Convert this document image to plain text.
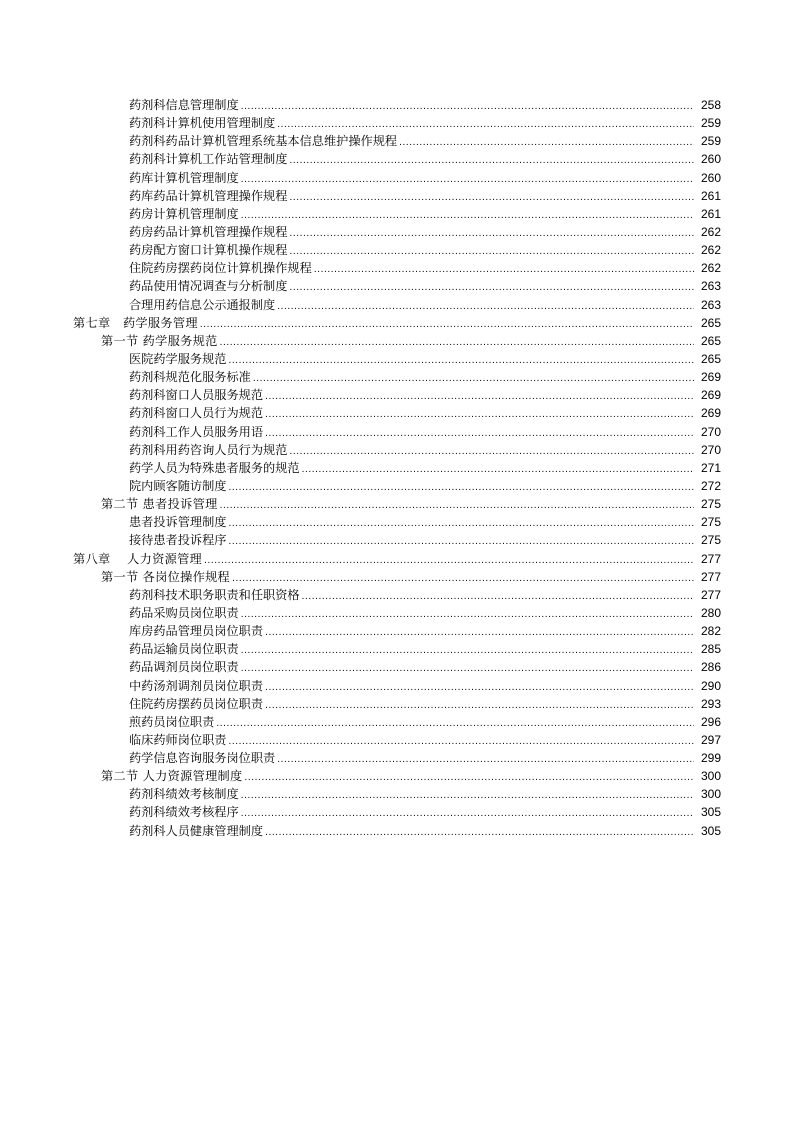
药剂科信息管理制度 .....	258
药剂科计算机使用管理制度 .....	259
药剂科药品计算机管理系统基本信息维护操作规程 .....	259
药剂科计算机工作站管理制度 .....	260
药库计算机管理制度 .....	260
药库药品计算机管理操作规程 .....	261
药房计算机管理制度 .....	261
药房药品计算机管理操作规程 .....	262
药房配方窗口计算机操作规程 .....	262
住院药房摆药岗位计算机操作规程 .....	262
药品使用情况调查与分析制度 .....	263
合理用药信息公示通报制度 .....	263
第七章　药学服务管理 .....	265
第一节 药学服务规范 .....	265
医院药学服务规范 .....	265
药剂科规范化服务标准 .....	269
药剂科窗口人员服务规范 .....	269
药剂科窗口人员行为规范 .....	269
药剂科工作人员服务用语 .....	270
药剂科用药咨询人员行为规范 .....	270
药学人员为特殊患者服务的规范 .....	271
院内顾客随访制度 .....	272
第二节 患者投诉管理 .....	275
患者投诉管理制度 .....	275
接待患者投诉程序 .....	275
第八章　 人力资源管理 .....	277
第一节 各岗位操作规程 .....	277
药剂科技术职务职责和任职资格 .....	277
药品采购员岗位职责 .....	280
库房药品管理员岗位职责 .....	282
药品运输员岗位职责 .....	285
药品调剂员岗位职责 .....	286
中药汤剂调剂员岗位职责 .....	290
住院药房摆药员岗位职责 .....	293
煎药员岗位职责 .....	296
临床药师岗位职责 .....	297
药学信息咨询服务岗位职责 .....	299
第二节 人力资源管理制度 .....	300
药剂科绩效考核制度 .....	300
药剂科绩效考核程序 .....	305
药剂科人员健康管理制度 .....	305
